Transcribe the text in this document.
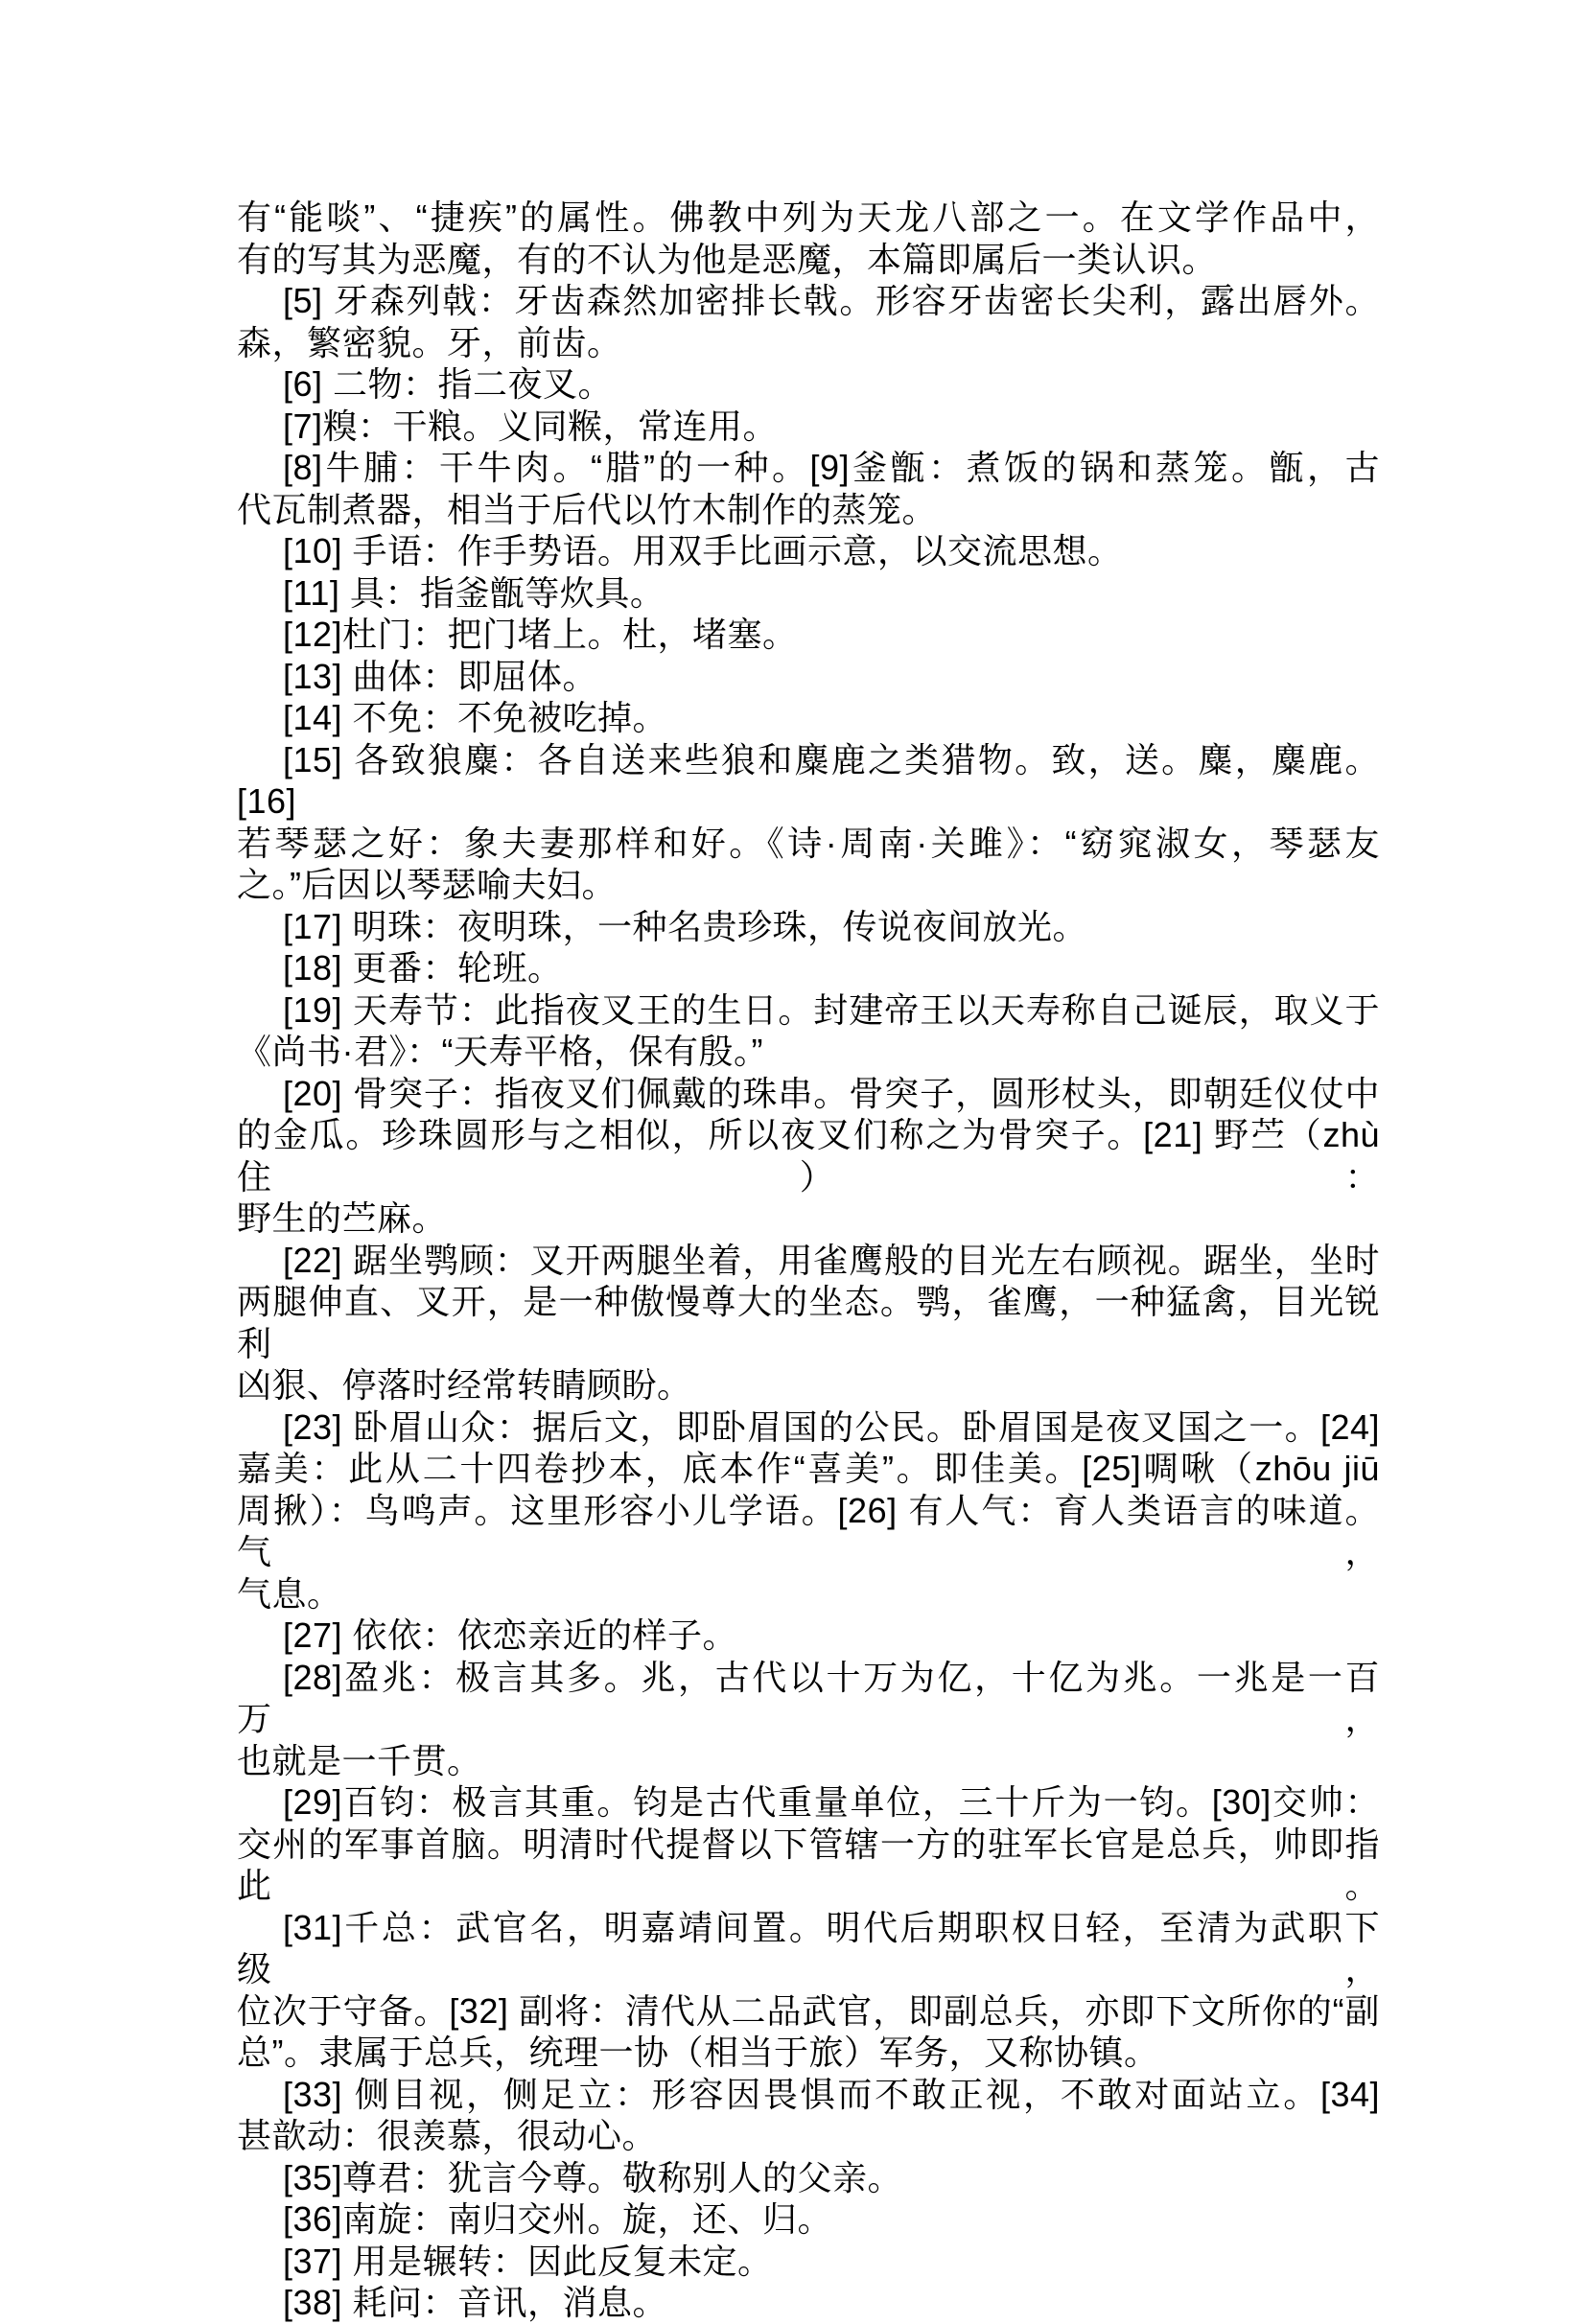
有“能啖”、“捷疾”的属性。佛教中列为天龙八部之一。在文学作品中，

有的写其为恶魔，有的不认为他是恶魔，本篇即属后一类认识。

[5] 牙森列戟：牙齿森然加密排长戟。形容牙齿密长尖利，露出唇外。

森，繁密貌。牙，前齿。

[6] 二物：指二夜叉。

[7]糗：干粮。义同糇，常连用。

[8]牛脯：干牛肉。“腊”的一种。[9]釜甑：煮饭的锅和蒸笼。甑，古

代瓦制煮器，相当于后代以竹木制作的蒸笼。

[10] 手语：作手势语。用双手比画示意，以交流思想。

[11] 具：指釜甑等炊具。

[12]杜门：把门堵上。杜，堵塞。

[13] 曲体：即屈体。

[14] 不免：不免被吃掉。

[15] 各致狼麋：各自送来些狼和麋鹿之类猎物。致，送。麋，麋鹿。[16]

若琴瑟之好：象夫妻那样和好。《诗·周南·关雎》：“窈窕淑女，琴瑟友

之。”后因以琴瑟喻夫妇。

[17] 明珠：夜明珠，一种名贵珍珠，传说夜间放光。

[18] 更番：轮班。

[19] 天寿节：此指夜叉王的生日。封建帝王以天寿称自己诞辰，取义于

《尚书·君》：“天寿平格，保有殷。”

[20] 骨突子：指夜叉们佩戴的珠串。骨突子，圆形杖头，即朝廷仪仗中

的金瓜。珍珠圆形与之相似，所以夜叉们称之为骨突子。[21] 野苎（zhù 住）：

野生的苎麻。

[22] 踞坐鹗顾：叉开两腿坐着，用雀鹰般的目光左右顾视。踞坐，坐时

两腿伸直、叉开，是一种傲慢尊大的坐态。鹗，雀鹰，一种猛禽，目光锐利

凶狠、停落时经常转睛顾盼。

[23] 卧眉山众：据后文，即卧眉国的公民。卧眉国是夜叉国之一。[24]

嘉美：此从二十四卷抄本，底本作“喜美”。即佳美。[25]啁啾（zhōu jiū

周揪）：鸟鸣声。这里形容小儿学语。[26] 有人气：育人类语言的味道。气，

气息。

[27] 依依：依恋亲近的样子。

[28]盈兆：极言其多。兆，古代以十万为亿，十亿为兆。一兆是一百万，

也就是一千贯。

[29]百钧：极言其重。钧是古代重量单位，三十斤为一钧。[30]交帅：

交州的军事首脑。明清时代提督以下管辖一方的驻军长官是总兵，帅即指此。

[31]千总：武官名，明嘉靖间置。明代后期职权日轻，至清为武职下级，

位次于守备。[32] 副将：清代从二品武官，即副总兵，亦即下文所你的“副

总”。隶属于总兵，统理一协（相当于旅）军务，又称协镇。

[33] 侧目视，侧足立：形容因畏惧而不敢正视，不敢对面站立。[34]

甚歆动：很羡慕，很动心。

[35]尊君：犹言今尊。敬称别人的父亲。

[36]南旋：南归交州。旋，还、归。

[37] 用是辗转：因此反复未定。

[38] 耗问：音讯，消息。
